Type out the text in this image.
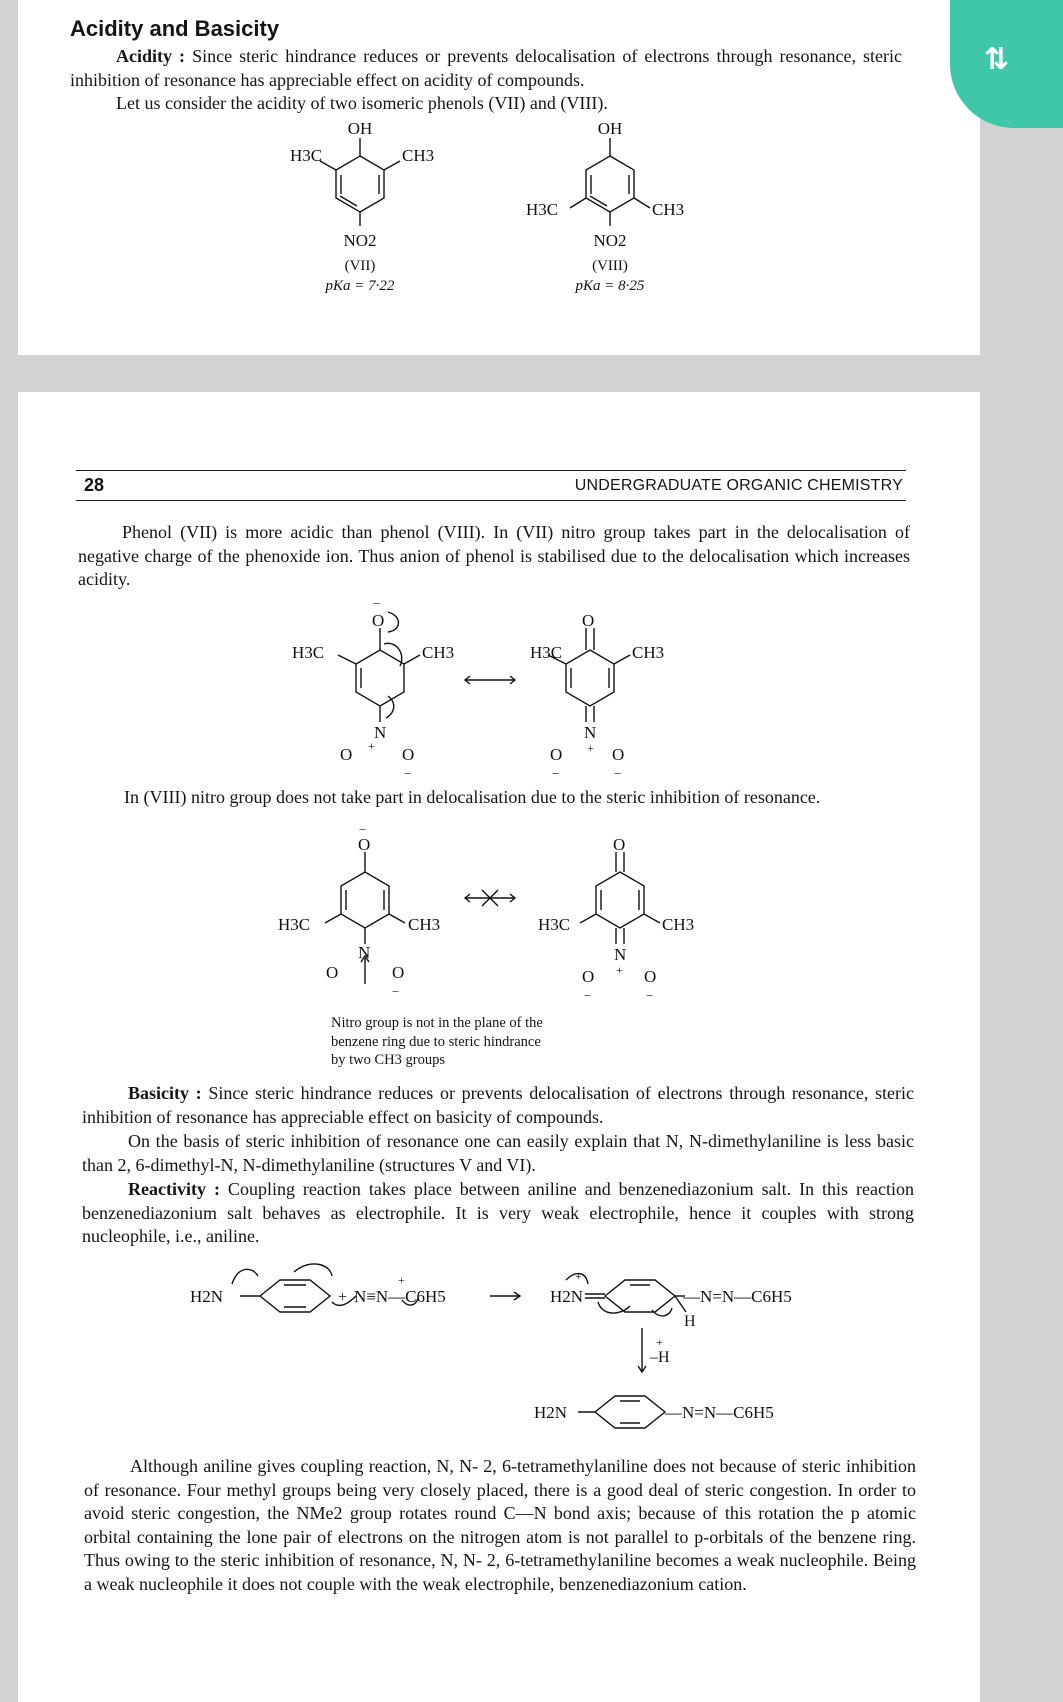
Acidity and Basicity
Acidity : Since steric hindrance reduces or prevents delocalisation of electrons through resonance, steric inhibition of resonance has appreciable effect on acidity of compounds.
Let us consider the acidity of two isomeric phenols (VII) and (VIII).
OH
H3C	CH3
NO2
(VII)
pKa = 7·22
OH
H3C	CH3
NO2
(VIII)
pKa = 8·25
28	UNDERGRADUATE ORGANIC CHEMISTRY
Phenol (VII) is more acidic than phenol (VIII). In (VII) nitro group takes part in the delocalisation of negative charge of the phenoxide ion. Thus anion of phenol is stabilised due to the delocalisation which increases acidity.
O
−
H3C	CH3
N
O	O
+
−
O
H3C	CH3
N
O	O
+
−	−
In (VIII) nitro group does not take part in delocalisation due to the steric inhibition of resonance.
O
−
H3C	CH3
N
O	O
−
O
H3C	CH3
N
O	O
+
−	−
Nitro group is not in the plane of the
benzene ring due to steric hindrance
by two CH3 groups
Basicity : Since steric hindrance reduces or prevents delocalisation of electrons through resonance, steric inhibition of resonance has appreciable effect on basicity of compounds.
On the basis of steric inhibition of resonance one can easily explain that N, N-dimethylaniline is less basic than 2, 6-dimethyl-N, N-dimethylaniline (structures V and VI).
Reactivity : Coupling reaction takes place between aniline and benzenediazonium salt. In this reaction benzenediazonium salt behaves as electrophile. It is very weak electrophile, hence it couples with strong nucleophile, i.e., aniline.
H2N	+ N≡N—C6H5
+
H2N
+
—N=N—C6H5
H
–H
+
H2N	—N=N—C6H5
Although aniline gives coupling reaction, N, N- 2, 6-tetramethylaniline does not because of steric inhibition of resonance. Four methyl groups being very closely placed, there is a good deal of steric congestion. In order to avoid steric congestion, the NMe2 group rotates round C—N bond axis; because of this rotation the p atomic orbital containing the lone pair of electrons on the nitrogen atom is not parallel to p-orbitals of the benzene ring. Thus owing to the steric inhibition of resonance, N, N- 2, 6-tetramethylaniline becomes a weak nucleophile. Being a weak nucleophile it does not couple with the weak electrophile, benzenediazonium cation.
⇅
